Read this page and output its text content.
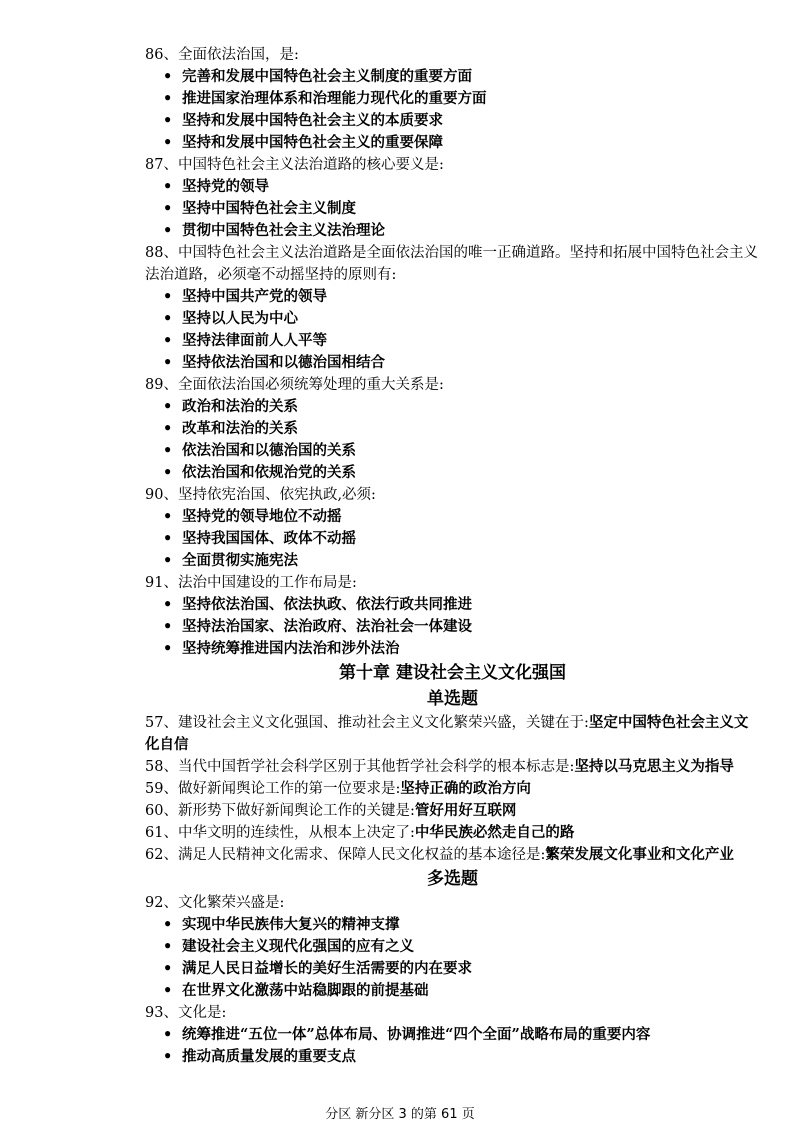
86、全面依法治国，是:
• 完善和发展中国特色社会主义制度的重要方面
• 推进国家治理体系和治理能力现代化的重要方面
• 坚持和发展中国特色社会主义的本质要求
• 坚持和发展中国特色社会主义的重要保障
87、中国特色社会主义法治道路的核心要义是:
• 坚持党的领导
• 坚持中国特色社会主义制度
• 贯彻中国特色社会主义法治理论
88、中国特色社会主义法治道路是全面依法治国的唯一正确道路。坚持和拓展中国特色社会主义法治道路，必须毫不动摇坚持的原则有:
• 坚持中国共产党的领导
• 坚持以人民为中心
• 坚持法律面前人人平等
• 坚持依法治国和以德治国相结合
89、全面依法治国必须统筹处理的重大关系是:
• 政治和法治的关系
• 改革和法治的关系
• 依法治国和以德治国的关系
• 依法治国和依规治党的关系
90、坚持依宪治国、依宪执政,必须:
• 坚持党的领导地位不动摇
• 坚持我国国体、政体不动摇
• 全面贯彻实施宪法
91、法治中国建设的工作布局是:
• 坚持依法治国、依法执政、依法行政共同推进
• 坚持法治国家、法治政府、法治社会一体建设
• 坚持统筹推进国内法治和涉外法治
第十章 建设社会主义文化强国
单选题
57、建设社会主义文化强国、推动社会主义文化繁荣兴盛，关键在于:坚定中国特色社会主义文化自信
58、当代中国哲学社会科学区别于其他哲学社会科学的根本标志是:坚持以马克思主义为指导
59、做好新闻舆论工作的第一位要求是:坚持正确的政治方向
60、新形势下做好新闻舆论工作的关键是:管好用好互联网
61、中华文明的连续性，从根本上决定了:中华民族必然走自己的路
62、满足人民精神文化需求、保障人民文化权益的基本途径是:繁荣发展文化事业和文化产业
多选题
92、文化繁荣兴盛是:
• 实现中华民族伟大复兴的精神支撑
• 建设社会主义现代化强国的应有之义
• 满足人民日益增长的美好生活需要的内在要求
• 在世界文化激荡中站稳脚跟的前提基础
93、文化是:
• 统筹推进“五位一体”总体布局、协调推进“四个全面”战略布局的重要内容
• 推动高质量发展的重要支点
分区 新分区 3 的第 61 页
